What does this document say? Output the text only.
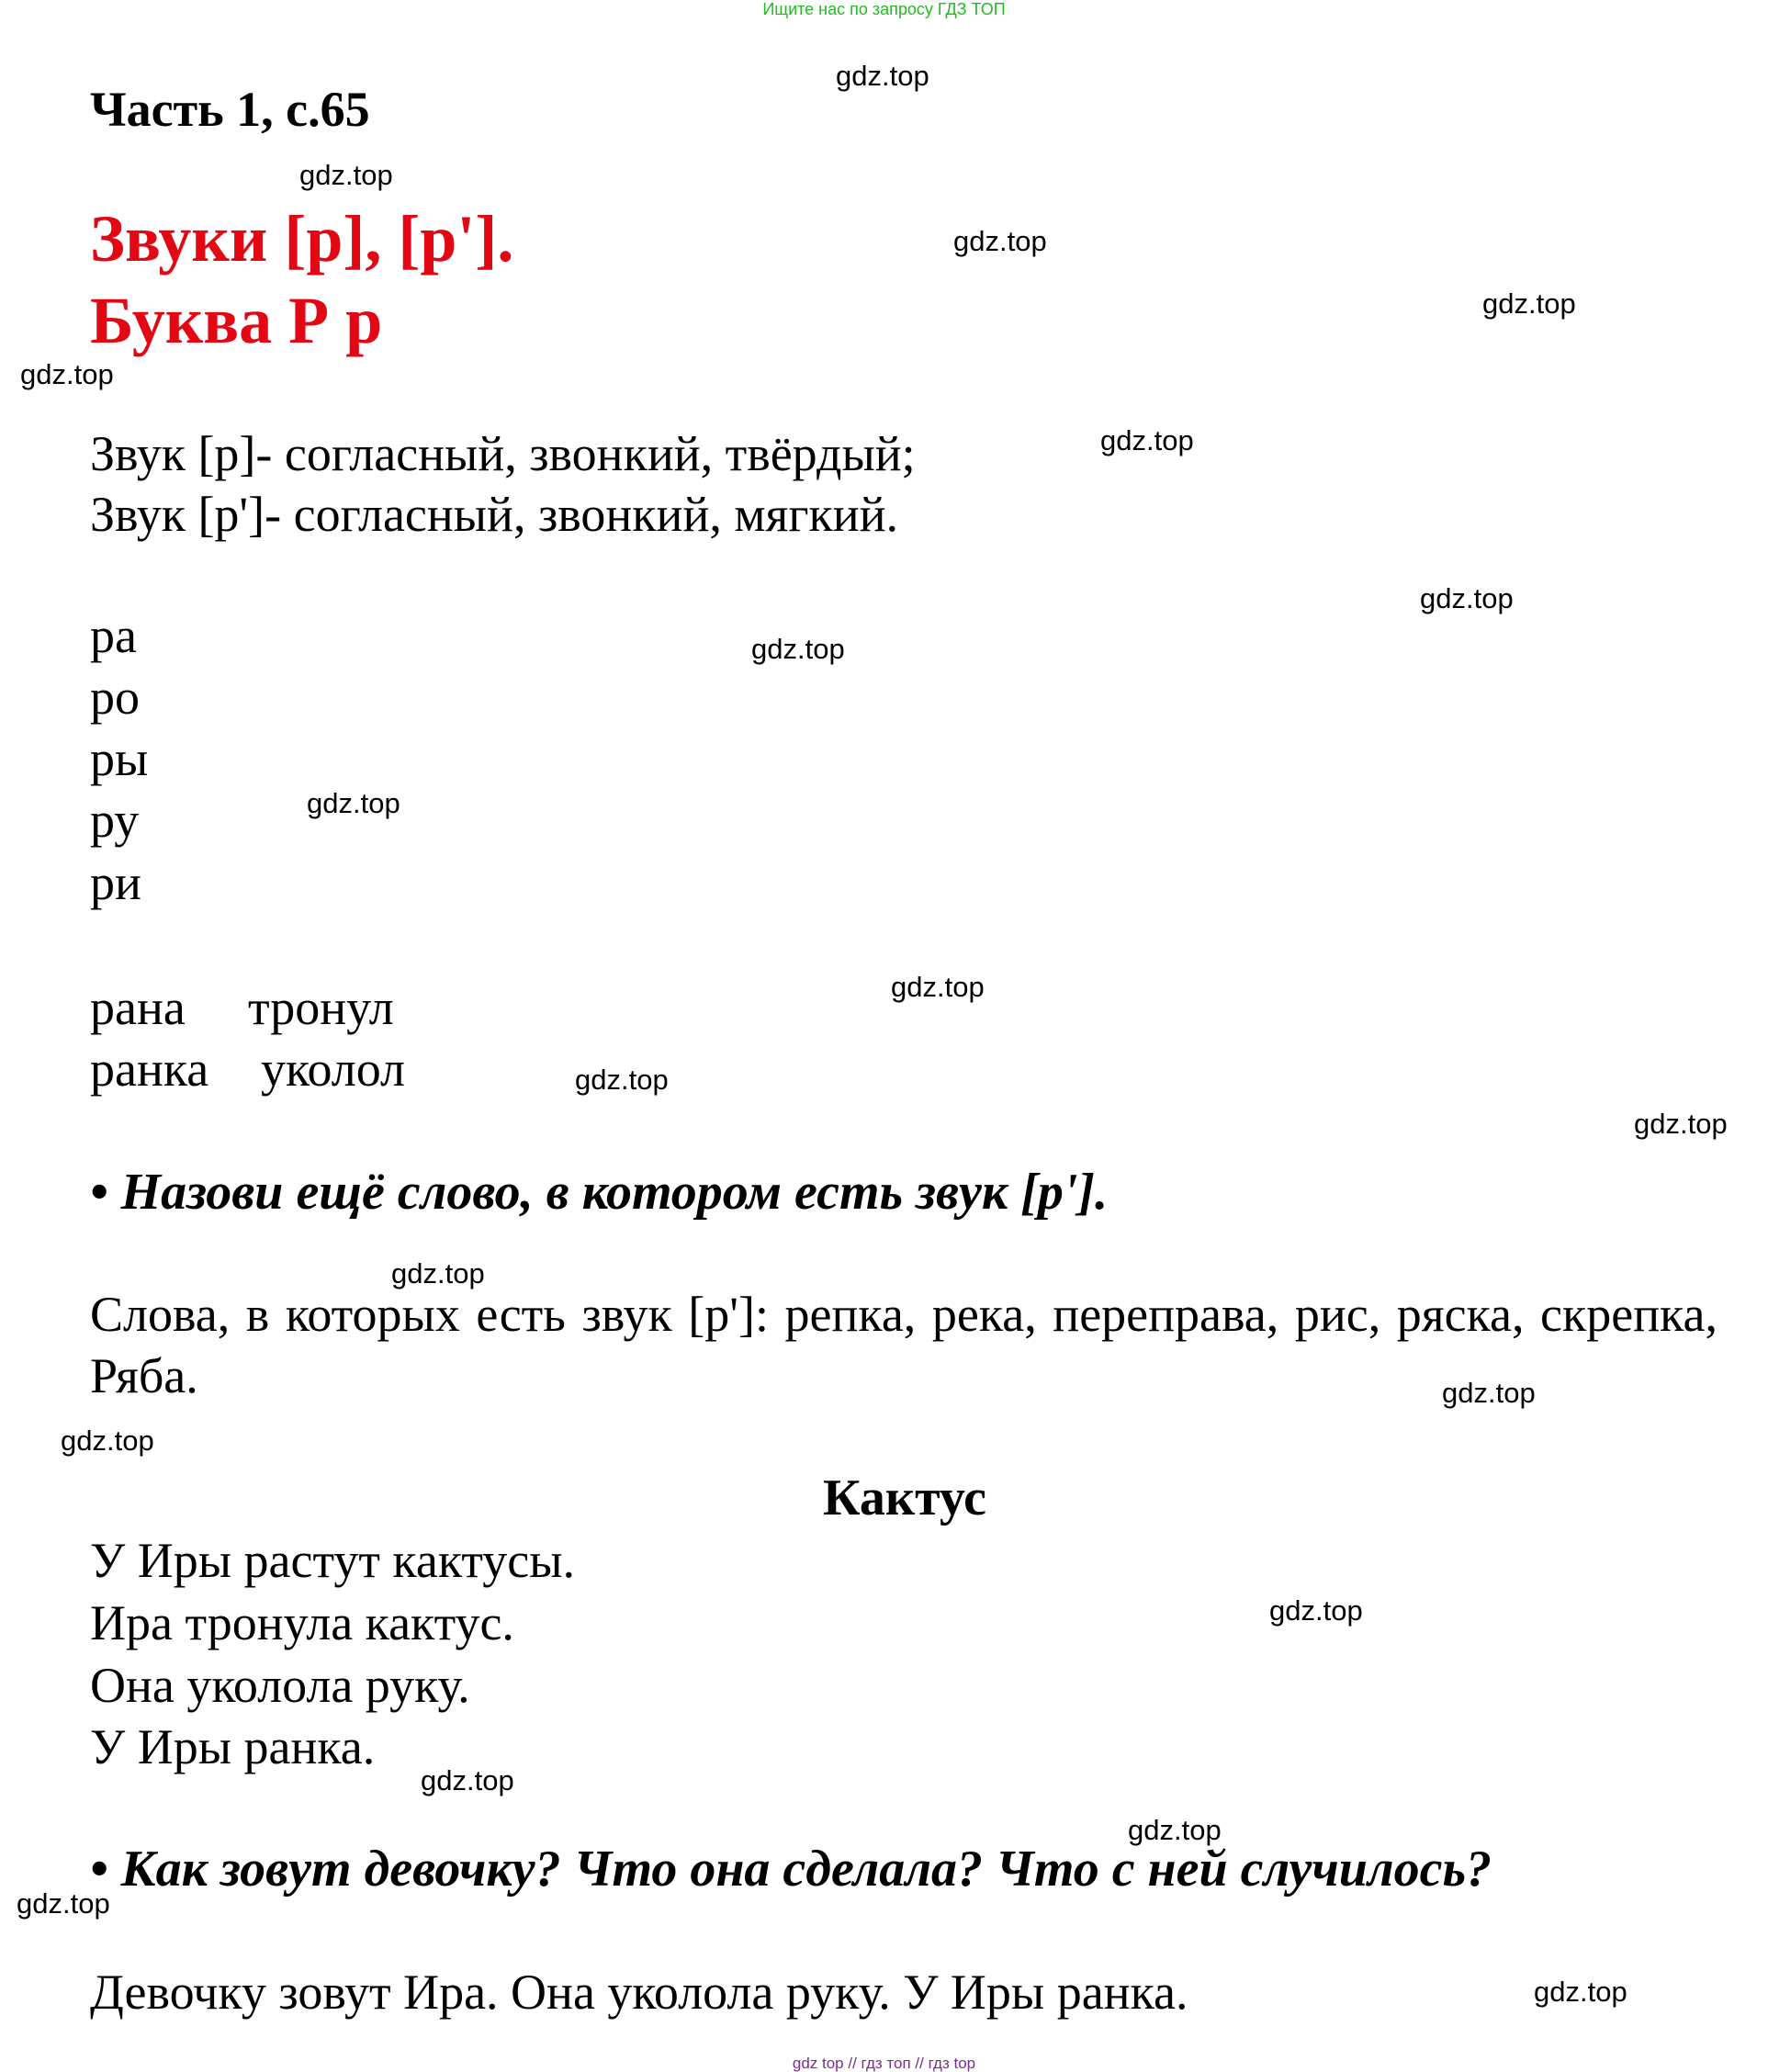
Ищите нас по запросу ГДЗ ТОП
Часть 1, с.65
Звуки [р], [р'].
Буква Р р
Звук [р]- согласный, звонкий, твёрдый;
Звук [р']- согласный, звонкий, мягкий.
ра
ро
ры
ру
ри
рана тронул
ранка уколол
• Назови ещё слово, в котором есть звук [р'].
Слова, в которых есть звук [р']: репка, река, переправа, рис, ряска, скрепка, Ряба.
Кактус
У Иры растут кактусы.
Ира тронула кактус.
Она уколола руку.
У Иры ранка.
• Как зовут девочку? Что она сделала? Что с ней случилось?
Девочку зовут Ира. Она уколола руку. У Иры ранка.
gdz.top
gdz.top
gdz.top
gdz.top
gdz.top
gdz.top
gdz.top
gdz.top
gdz.top
gdz.top
gdz.top
gdz.top
gdz.top
gdz.top
gdz.top
gdz.top
gdz.top
gdz.top
gdz.top
gdz.top
gdz top // гдз топ // гдз top
